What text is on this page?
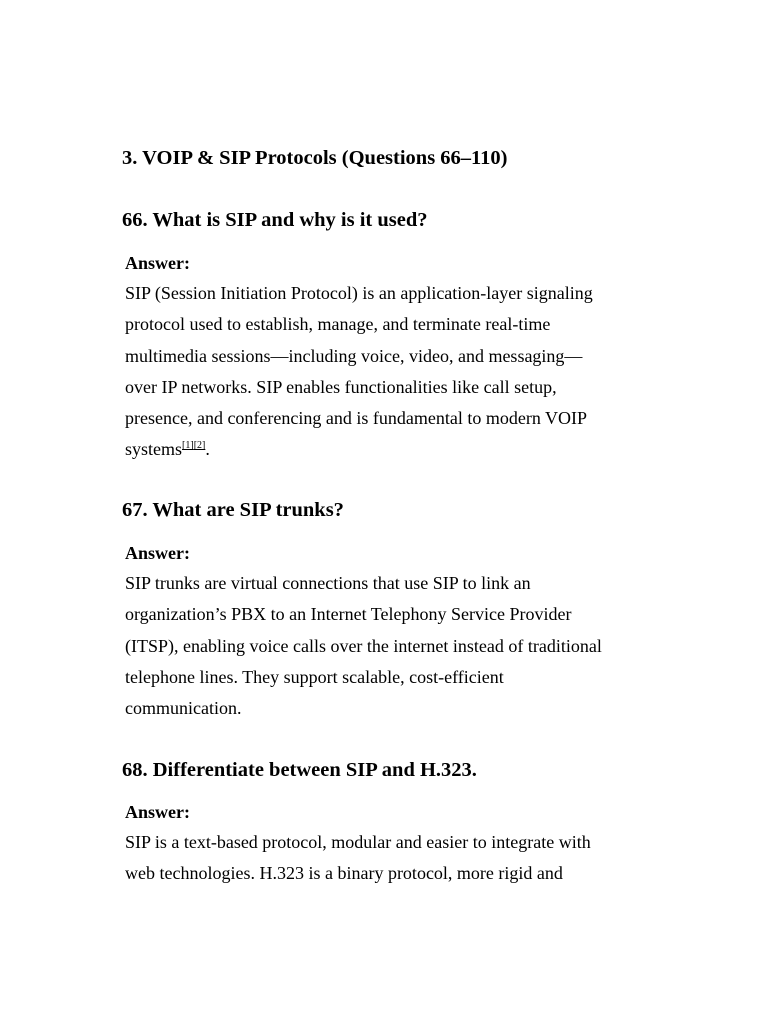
3. VOIP & SIP Protocols (Questions 66–110)
66. What is SIP and why is it used?
Answer:
SIP (Session Initiation Protocol) is an application-layer signaling
protocol used to establish, manage, and terminate real-time
multimedia sessions—including voice, video, and messaging—
over IP networks. SIP enables functionalities like call setup,
presence, and conferencing and is fundamental to modern VOIP
systems[1][2].
67. What are SIP trunks?
Answer:
SIP trunks are virtual connections that use SIP to link an
organization’s PBX to an Internet Telephony Service Provider
(ITSP), enabling voice calls over the internet instead of traditional
telephone lines. They support scalable, cost-efficient
communication.
68. Differentiate between SIP and H.323.
Answer:
SIP is a text-based protocol, modular and easier to integrate with
web technologies. H.323 is a binary protocol, more rigid and
